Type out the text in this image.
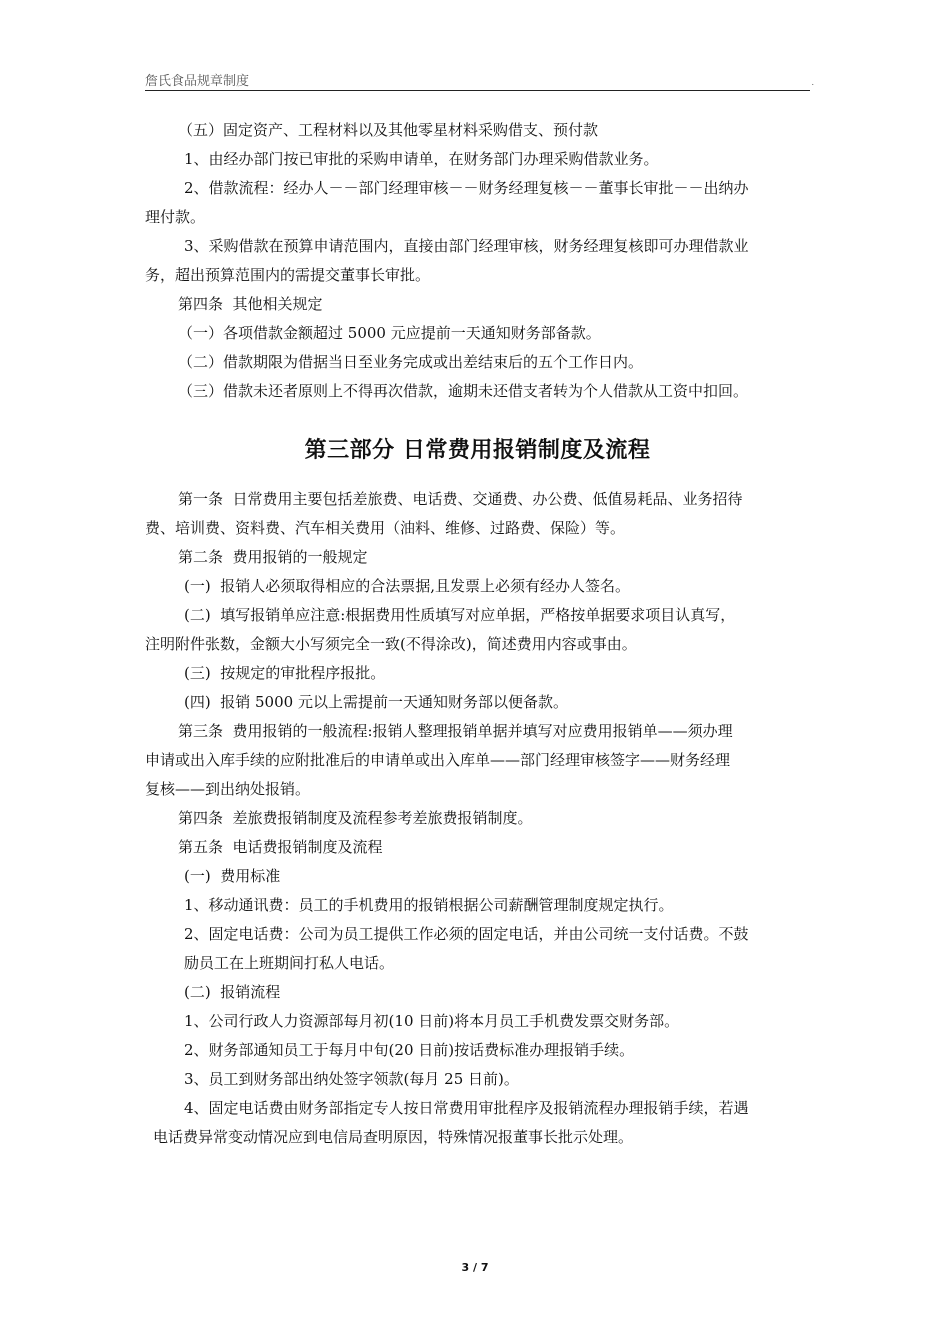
詹氏食品规章制度	.

（五）固定资产、工程材料以及其他零星材料采购借支、预付款

1、由经办部门按已审批的采购申请单，在财务部门办理采购借款业务。

2、借款流程：经办人－－部门经理审核－－财务经理复核－－董事长审批－－出纳办

理付款。

3、采购借款在预算申请范围内，直接由部门经理审核，财务经理复核即可办理借款业

务，超出预算范围内的需提交董事长审批。

第四条  其他相关规定

（一）各项借款金额超过 5000 元应提前一天通知财务部备款。

（二）借款期限为借据当日至业务完成或出差结束后的五个工作日内。

（三）借款未还者原则上不得再次借款，逾期未还借支者转为个人借款从工资中扣回。

第三部分 日常费用报销制度及流程

第一条  日常费用主要包括差旅费、电话费、交通费、办公费、低值易耗品、业务招待

费、培训费、资料费、汽车相关费用（油料、维修、过路费、保险）等。

第二条  费用报销的一般规定

(一)  报销人必须取得相应的合法票据,且发票上必须有经办人签名。

(二)  填写报销单应注意:根据费用性质填写对应单据，严格按单据要求项目认真写，

注明附件张数，金额大小写须完全一致(不得涂改)，简述费用内容或事由。

(三)  按规定的审批程序报批。

(四)  报销 5000 元以上需提前一天通知财务部以便备款。

第三条  费用报销的一般流程:报销人整理报销单据并填写对应费用报销单——须办理

申请或出入库手续的应附批准后的申请单或出入库单——部门经理审核签字——财务经理

复核——到出纳处报销。

第四条  差旅费报销制度及流程参考差旅费报销制度。

第五条  电话费报销制度及流程

(一)  费用标准

1、移动通讯费：员工的手机费用的报销根据公司薪酬管理制度规定执行。

2、固定电话费：公司为员工提供工作必须的固定电话，并由公司统一支付话费。不鼓

励员工在上班期间打私人电话。

(二)  报销流程

1、公司行政人力资源部每月初(10 日前)将本月员工手机费发票交财务部。

2、财务部通知员工于每月中旬(20 日前)按话费标准办理报销手续。

3、员工到财务部出纳处签字领款(每月 25 日前)。

4、固定电话费由财务部指定专人按日常费用审批程序及报销流程办理报销手续，若遇

电话费异常变动情况应到电信局查明原因，特殊情况报董事长批示处理。

3 / 7
